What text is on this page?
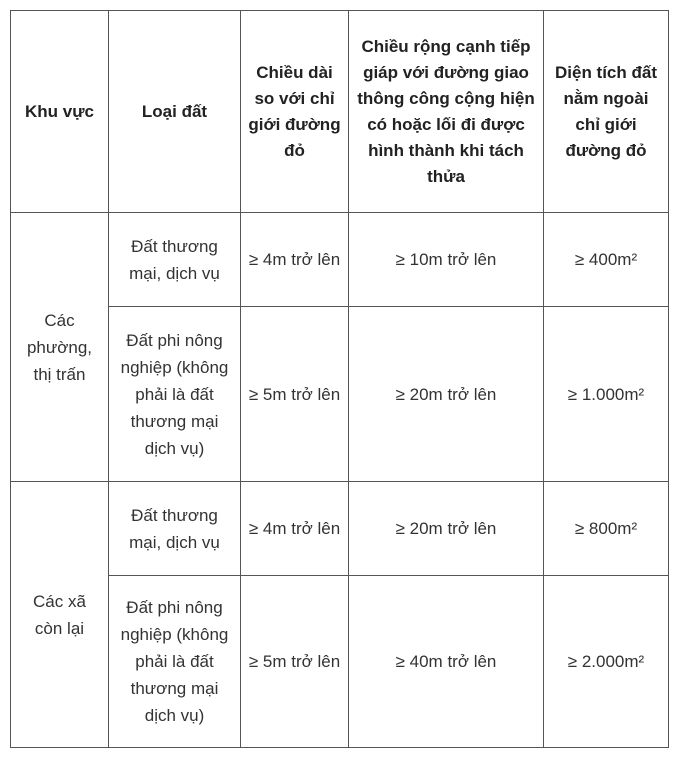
Khu vực	Loại đất	Chiều dài so với chỉ giới đường đỏ	Chiều rộng cạnh tiếp giáp với đường giao thông công cộng hiện có hoặc lối đi được hình thành khi tách thửa	Diện tích đất nằm ngoài chỉ giới đường đỏ
Các phường, thị trấn	Đất thương mại, dịch vụ	≥ 4m trở lên	≥ 10m trở lên	≥ 400m²
	Đất phi nông nghiệp (không phải là đất thương mại dịch vụ)	≥ 5m trở lên	≥ 20m trở lên	≥ 1.000m²
Các xã còn lại	Đất thương mại, dịch vụ	≥ 4m trở lên	≥ 20m trở lên	≥ 800m²
	Đất phi nông nghiệp (không phải là đất thương mại dịch vụ)	≥ 5m trở lên	≥ 40m trở lên	≥ 2.000m²
